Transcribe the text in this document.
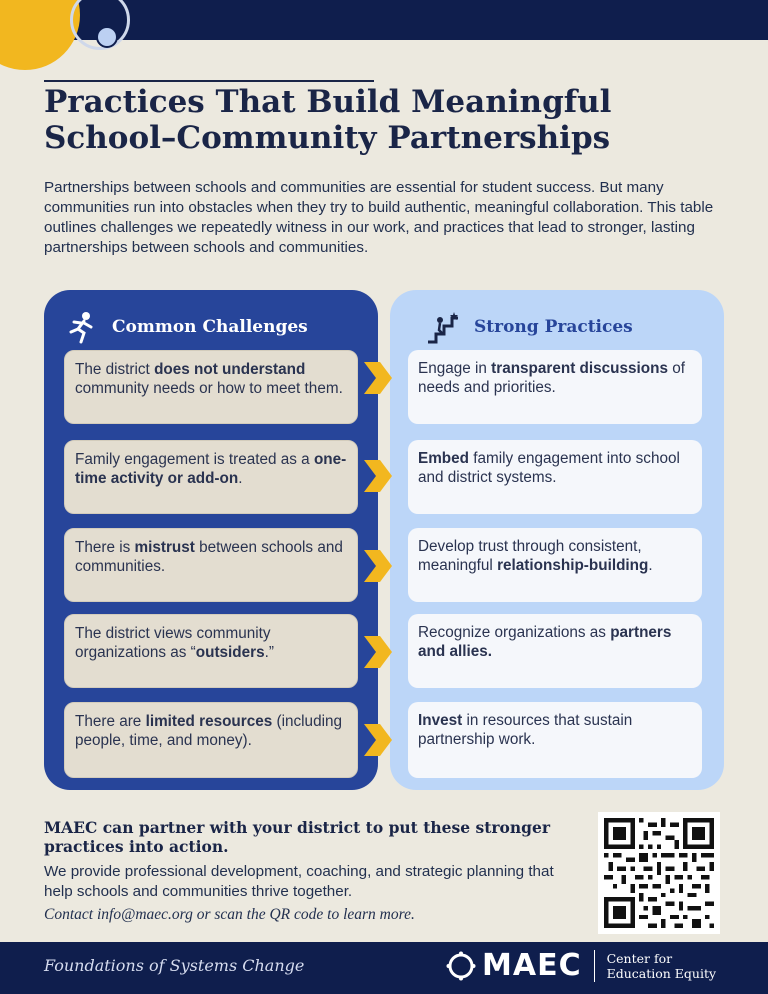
Practices That Build Meaningful School–Community Partnerships

Partnerships between schools and communities are essential for student success. But many communities run into obstacles when they try to build authentic, meaningful collaboration. This table outlines challenges we repeatedly witness in our work, and practices that lead to stronger, lasting partnerships between schools and communities.

Common Challenges
The district does not understand community needs or how to meet them.
Family engagement is treated as a one-time activity or add-on.
There is mistrust between schools and communities.
The district views community organizations as “outsiders.”
There are limited resources (including people, time, and money).
Strong Practices
Engage in transparent discussions of needs and priorities.
Embed family engagement into school and district systems.
Develop trust through consistent, meaningful relationship-building.
Recognize organizations as partners and allies.
Invest in resources that sustain partnership work.
MAEC can partner with your district to put these stronger practices into action.
We provide professional development, coaching, and strategic planning that help schools and communities thrive together.
Contact info@maec.org or scan the QR code to learn more.
Foundations of Systems Change	MAEC Center for
Education Equity
